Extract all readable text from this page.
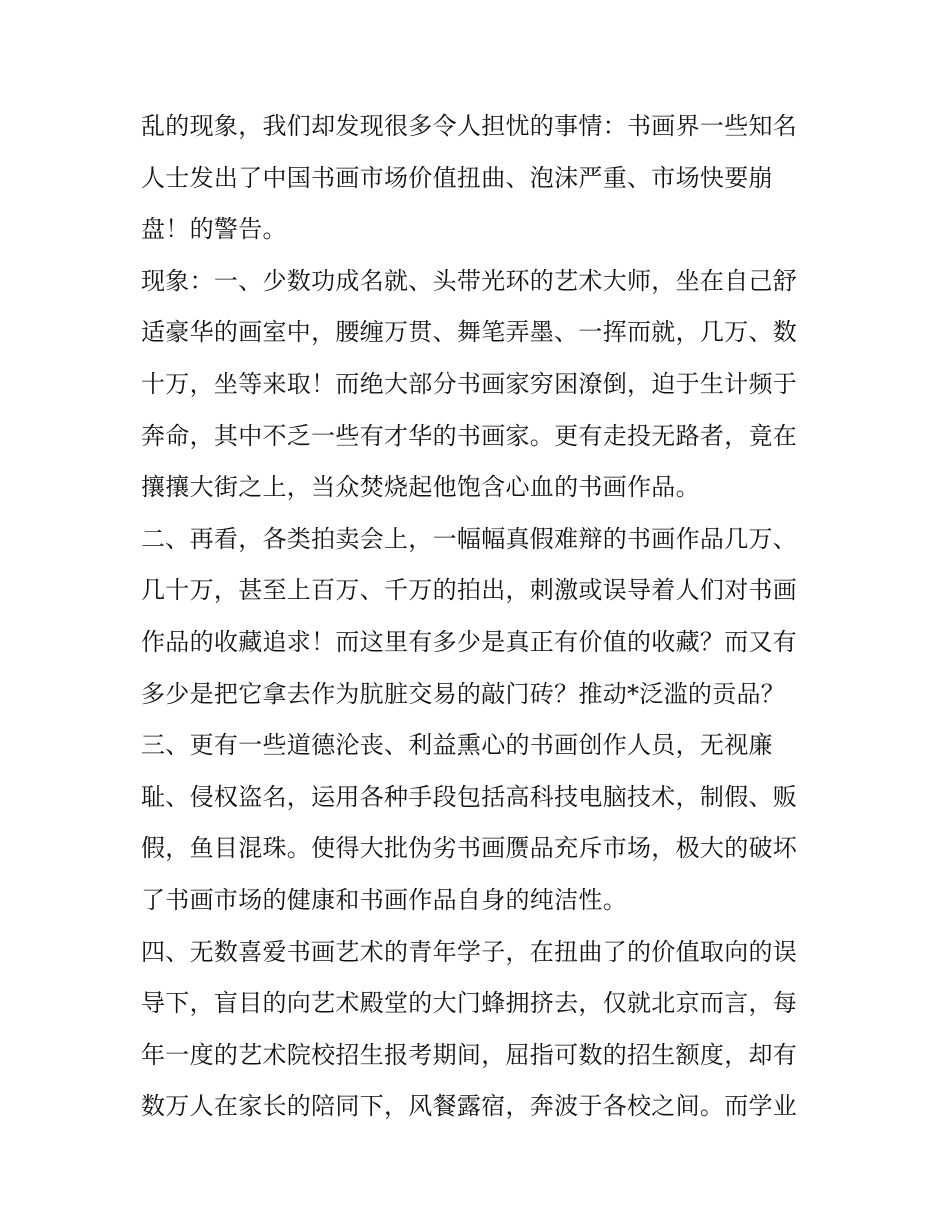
乱的现象，我们却发现很多令人担忧的事情：书画界一些知名
人士发出了中国书画市场价值扭曲、泡沫严重、市场快要崩
盘！的警告。
现象：一、少数功成名就、头带光环的艺术大师，坐在自己舒
适豪华的画室中，腰缠万贯、舞笔弄墨、一挥而就，几万、数
十万，坐等来取！而绝大部分书画家穷困潦倒，迫于生计频于
奔命，其中不乏一些有才华的书画家。更有走投无路者，竟在
攘攘大街之上，当众焚烧起他饱含心血的书画作品。
二、再看，各类拍卖会上，一幅幅真假难辩的书画作品几万、
几十万，甚至上百万、千万的拍出，刺激或误导着人们对书画
作品的收藏追求！而这里有多少是真正有价值的收藏？而又有
多少是把它拿去作为肮脏交易的敲门砖？推动*泛滥的贡品？
三、更有一些道德沦丧、利益熏心的书画创作人员，无视廉
耻、侵权盗名，运用各种手段包括高科技电脑技术，制假、贩
假，鱼目混珠。使得大批伪劣书画赝品充斥市场，极大的破坏
了书画市场的健康和书画作品自身的纯洁性。
四、无数喜爱书画艺术的青年学子，在扭曲了的价值取向的误
导下，盲目的向艺术殿堂的大门蜂拥挤去，仅就北京而言，每
年一度的艺术院校招生报考期间，屈指可数的招生额度，却有
数万人在家长的陪同下，风餐露宿，奔波于各校之间。而学业
